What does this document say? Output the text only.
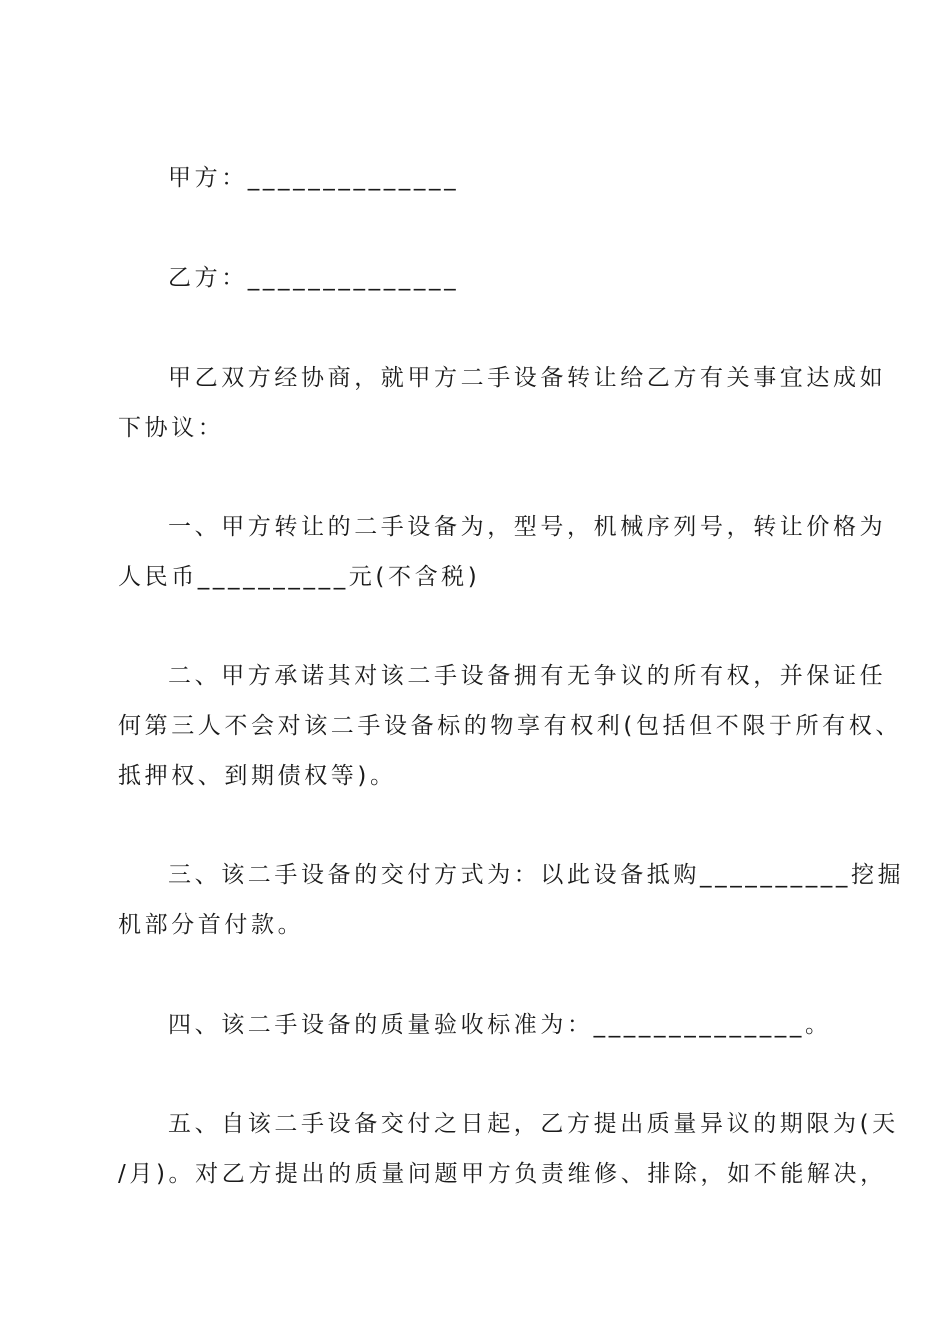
甲方：______________
乙方：______________
甲乙双方经协商，就甲方二手设备转让给乙方有关事宜达成如
下协议：
一、甲方转让的二手设备为，型号，机械序列号，转让价格为
人民币__________元(不含税)
二、甲方承诺其对该二手设备拥有无争议的所有权，并保证任
何第三人不会对该二手设备标的物享有权利(包括但不限于所有权、
抵押权、到期债权等)。
三、该二手设备的交付方式为：以此设备抵购__________挖掘
机部分首付款。
四、该二手设备的质量验收标准为：______________。
五、自该二手设备交付之日起，乙方提出质量异议的期限为(天
/月)。对乙方提出的质量问题甲方负责维修、排除，如不能解决，
